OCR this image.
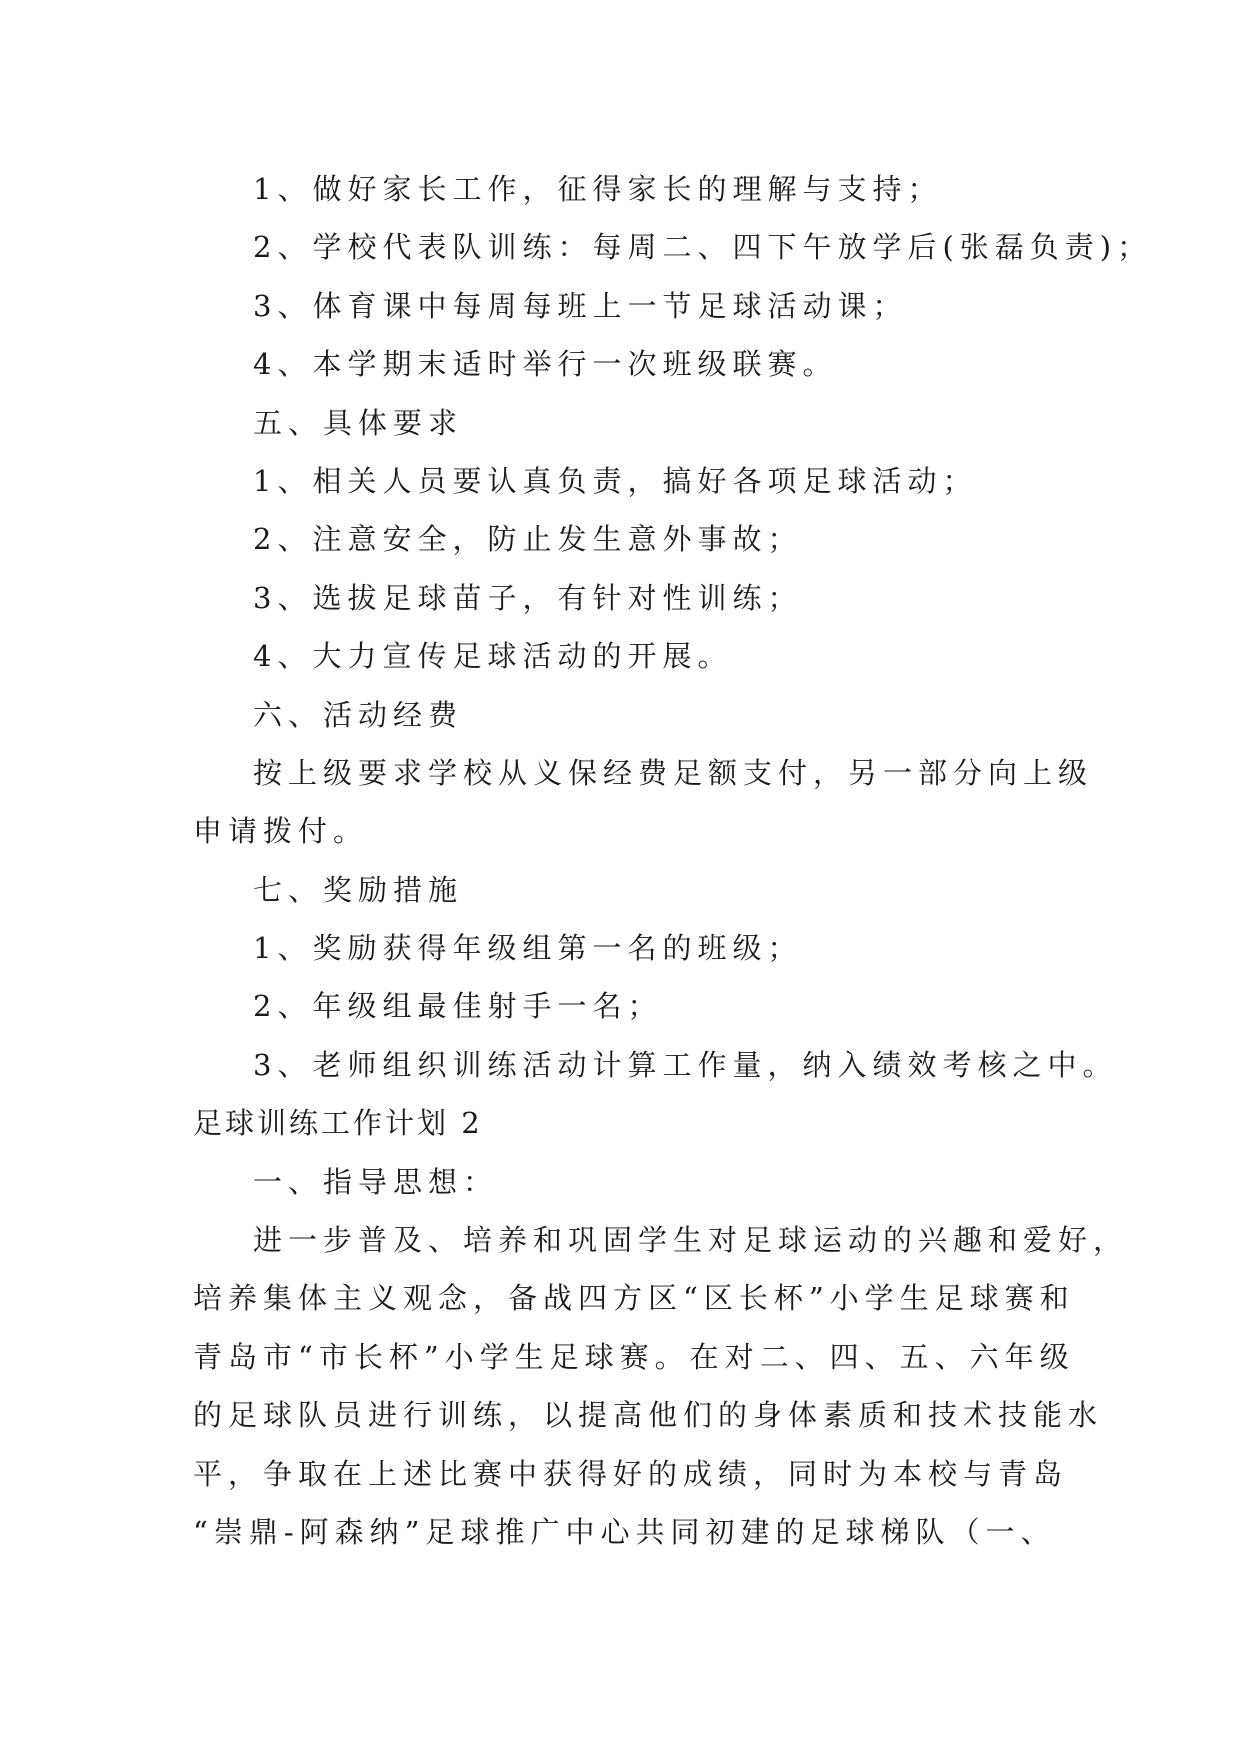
1、做好家长工作，征得家长的理解与支持；
2、学校代表队训练：每周二、四下午放学后(张磊负责)；
3、体育课中每周每班上一节足球活动课；
4、本学期末适时举行一次班级联赛。
五、具体要求
1、相关人员要认真负责，搞好各项足球活动；
2、注意安全，防止发生意外事故；
3、选拔足球苗子，有针对性训练；
4、大力宣传足球活动的开展。
六、活动经费
按上级要求学校从义保经费足额支付，另一部分向上级
申请拨付。
七、奖励措施
1、奖励获得年级组第一名的班级；
2、年级组最佳射手一名；
3、老师组织训练活动计算工作量，纳入绩效考核之中。
足球训练工作计划 2
一、指导思想：
进一步普及、培养和巩固学生对足球运动的兴趣和爱好，
培养集体主义观念，备战四方区“区长杯”小学生足球赛和
青岛市“市长杯”小学生足球赛。在对二、四、五、六年级
的足球队员进行训练，以提高他们的身体素质和技术技能水
平，争取在上述比赛中获得好的成绩，同时为本校与青岛
“崇鼎-阿森纳”足球推广中心共同初建的足球梯队（一、
